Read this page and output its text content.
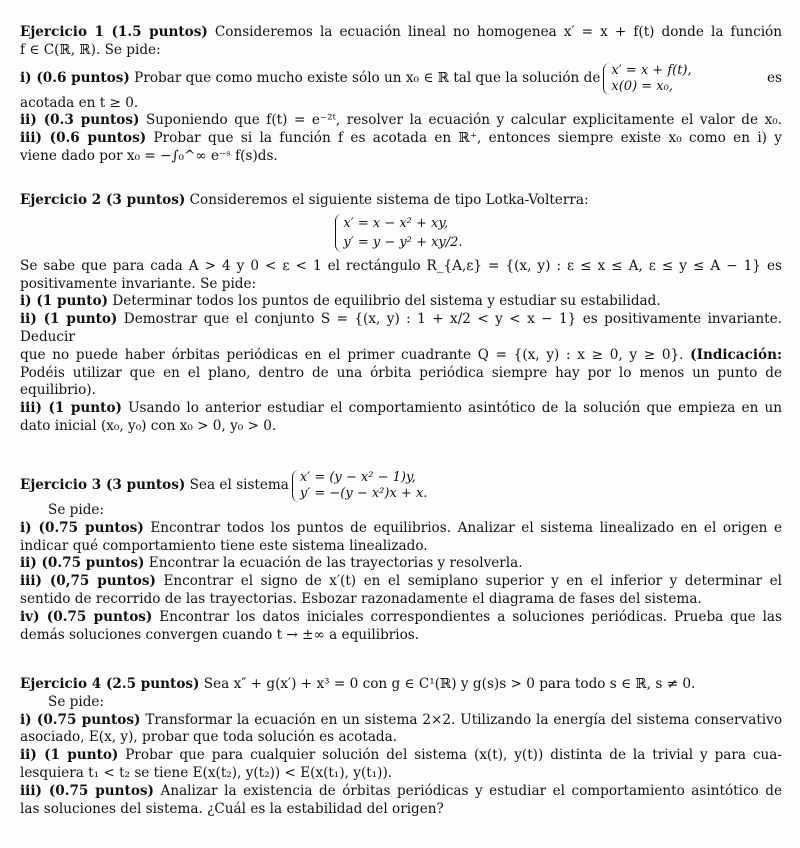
Ejercicio 1 (1.5 puntos) Consideremos la ecuación lineal no homogenea x′ = x + f(t) donde la función
f ∈ C(ℝ, ℝ). Se pide:
i) (0.6 puntos) Probar que como mucho existe sólo un x₀ ∈ ℝ tal que la solución de x′ = x + f(t),
x(0) = x₀,
es
acotada en t ≥ 0.
ii) (0.3 puntos) Suponiendo que f(t) = e⁻²ᵗ, resolver la ecuación y calcular explicitamente el valor de x₀.
iii) (0.6 puntos) Probar que si la función f es acotada en ℝ⁺, entonces siempre existe x₀ como en i) y
viene dado por x₀ = −∫₀^∞ e⁻ˢ f(s)ds.
Ejercicio 2 (3 puntos) Consideremos el siguiente sistema de tipo Lotka-Volterra:
x′ = x − x² + xy,
y′ = y − y² + xy/2.
Se sabe que para cada A > 4 y 0 < ε < 1 el rectángulo R_{A,ε} = {(x, y) : ε ≤ x ≤ A, ε ≤ y ≤ A − 1} es
positivamente invariante. Se pide:
i) (1 punto) Determinar todos los puntos de equilibrio del sistema y estudiar su estabilidad.
ii) (1 punto) Demostrar que el conjunto S = {(x, y) : 1 + x/2 < y < x − 1} es positivamente invariante. Deducir
que no puede haber órbitas periódicas en el primer cuadrante Q = {(x, y) : x ≥ 0, y ≥ 0}. (Indicación:
Podéis utilizar que en el plano, dentro de una órbita periódica siempre hay por lo menos un punto de
equilibrio).
iii) (1 punto) Usando lo anterior estudiar el comportamiento asintótico de la solución que empieza en un
dato inicial (x₀, y₀) con x₀ > 0, y₀ > 0.
Ejercicio 3 (3 puntos) Sea el sistema x′ = (y − x² − 1)y,
y′ = −(y − x²)x + x.
Se pide:
i) (0.75 puntos) Encontrar todos los puntos de equilibrios. Analizar el sistema linealizado en el origen e
indicar qué comportamiento tiene este sistema linealizado.
ii) (0.75 puntos) Encontrar la ecuación de las trayectorias y resolverla.
iii) (0,75 puntos) Encontrar el signo de x′(t) en el semiplano superior y en el inferior y determinar el
sentido de recorrido de las trayectorias. Esbozar razonadamente el diagrama de fases del sistema.
iv) (0.75 puntos) Encontrar los datos iniciales correspondientes a soluciones periódicas. Prueba que las
demás soluciones convergen cuando t → ±∞ a equilibrios.
Ejercicio 4 (2.5 puntos) Sea x″ + g(x′) + x³ = 0 con g ∈ C¹(ℝ) y g(s)s > 0 para todo s ∈ ℝ, s ≠ 0.
Se pide:
i) (0.75 puntos) Transformar la ecuación en un sistema 2×2. Utilizando la energía del sistema conservativo
asociado, E(x, y), probar que toda solución es acotada.
ii) (1 punto) Probar que para cualquier solución del sistema (x(t), y(t)) distinta de la trivial y para cua-
lesquiera t₁ < t₂ se tiene E(x(t₂), y(t₂)) < E(x(t₁), y(t₁)).
iii) (0.75 puntos) Analizar la existencia de órbitas periódicas y estudiar el comportamiento asintótico de
las soluciones del sistema. ¿Cuál es la estabilidad del origen?
